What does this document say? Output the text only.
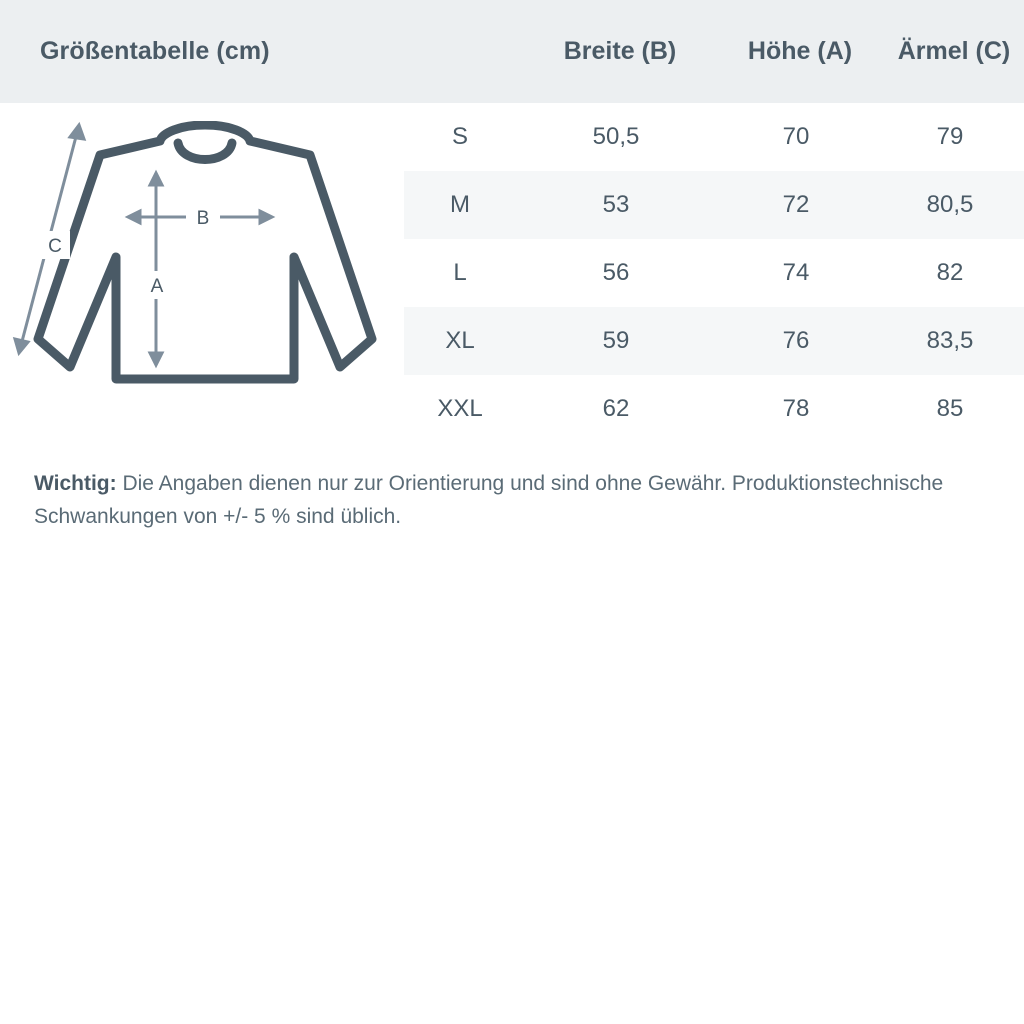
Größentabelle (cm)	Breite (B)	Höhe (A)	Ärmel (C)
B
A
C
S	50,5	70	79
M	53	72	80,5
L	56	74	82
XL	59	76	83,5
XXL	62	78	85
Wichtig: Die Angaben dienen nur zur Orientierung und sind ohne Gewähr. Produktionstechnische Schwankungen von +/- 5 % sind üblich.
